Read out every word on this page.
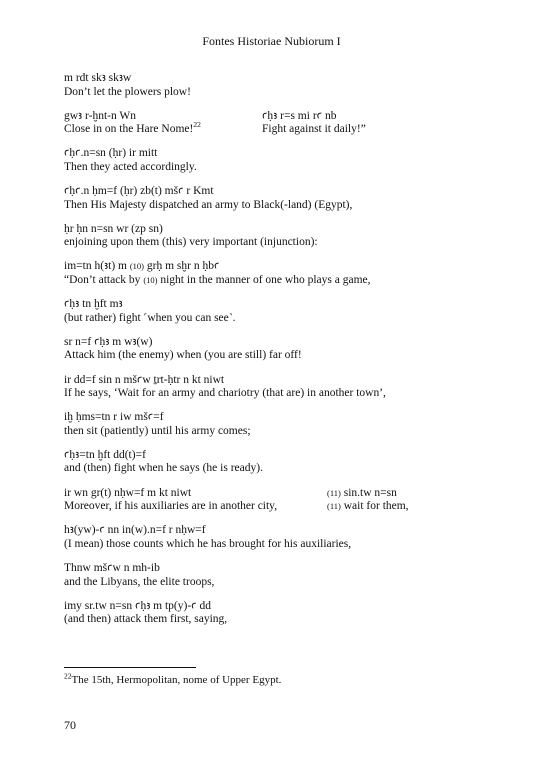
Fontes Historiae Nubiorum I
m rdt skꜣ skꜣw
Don’t let the plowers plow!
gwꜣ r-ḫnt-n Wn	ꜥḥꜣ r=s mi rꜥ nb
Close in on the Hare Nome!$^{22}$	Fight against it daily!”
ꜥḥꜥ.n=sn (ḥr) ir mitt
Then they acted accordingly.
ꜥḥꜥ.n ḥm=f (ḥr) zb(t) mšꜥ r Kmt
Then His Majesty dispatched an army to Black(-land) (Egypt),
ḥr ḥn n=sn wr (zp sn)
enjoining upon them (this) very important (injunction):
im=tn h(ꜣt) m (10) grḥ m sḫr n ḥbꜥ
“Don’t attack by (10) night in the manner of one who plays a game,
ꜥḥꜣ tn ḫft mꜣ
(but rather) fight ˹when you can see˺.
sr n=f ꜥḥꜣ m wꜣ(w)
Attack him (the enemy) when (you are still) far off!
ir dd=f sin n mšꜥw ṯrt-ḥtr n kt niwt
If he says, ‘Wait for an army and chariotry (that are) in another town’,
iḫ ḥms=tn r iw mšꜥ=f
then sit (patiently) until his army comes;
ꜥḥꜣ=tn ḫft dd(t)=f
and (then) fight when he says (he is ready).
ir wn gr(t) nḥw=f m kt niwt	(11) sin.tw n=sn
Moreover, if his auxiliaries are in another city,	(11) wait for them,
hꜣ(yw)-ꜥ nn in(w).n=f r nḥw=f
(I mean) those counts which he has brought for his auxiliaries,
Thnw mšꜥw n mh-ib
and the Libyans, the elite troops,
imy sr.tw n=sn ꜥḥꜣ m tp(y)-ꜥ dd
(and then) attack them first, saying,
$^{22}$The 15th, Hermopolitan, nome of Upper Egypt.
70
